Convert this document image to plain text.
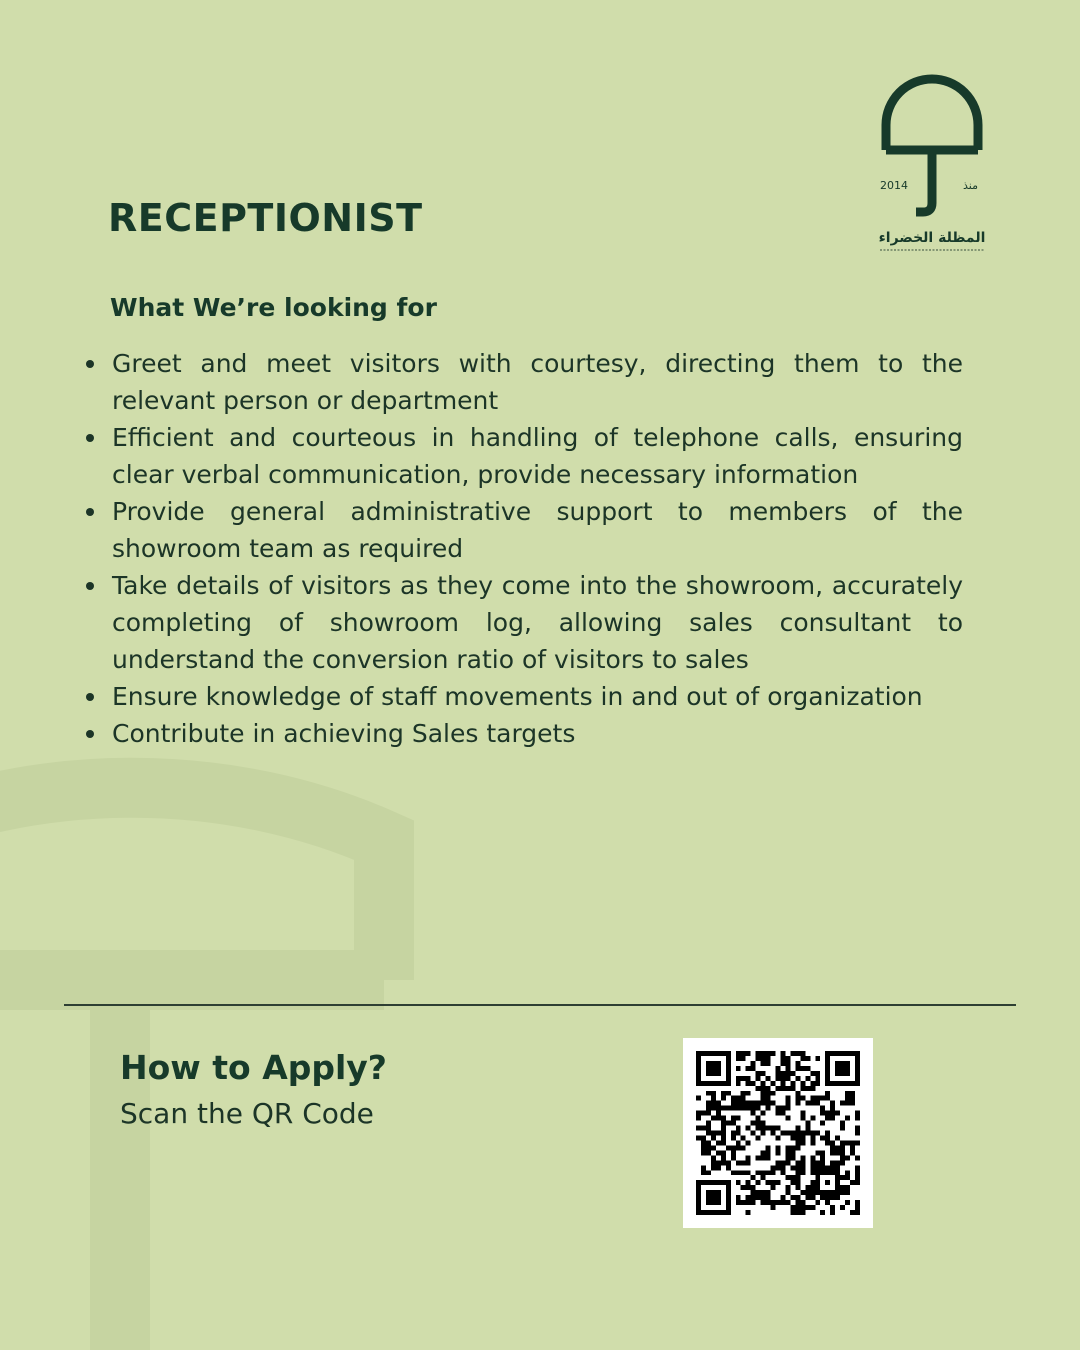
2014	منذ
المظلة الخضراء
RECEPTIONIST
What We’re looking for
Greet and meet visitors with courtesy, directing them to the relevant person or department
Efficient and courteous in handling of telephone calls, ensuring clear verbal communication, provide necessary information
Provide general administrative support to members of the showroom team as required
Take details of visitors as they come into the showroom, accurately completing of showroom log, allowing sales consultant to understand the conversion ratio of visitors to sales
Ensure knowledge of staff movements in and out of organization
Contribute in achieving Sales targets
How to Apply?

Scan the QR Code
